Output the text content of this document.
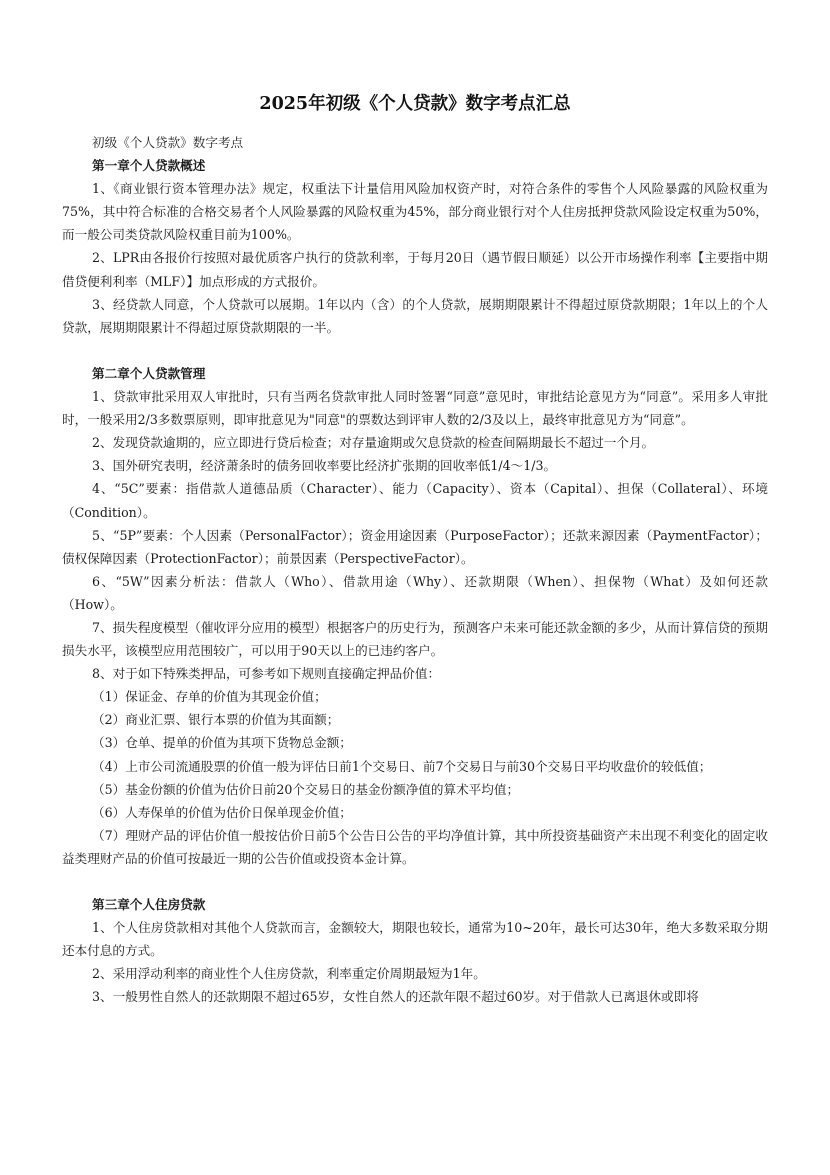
2025年初级《个人贷款》数字考点汇总

初级《个人贷款》数字考点

第一章个人贷款概述

1、《商业银行资本管理办法》规定，权重法下计量信用风险加权资产时，对符合条件的零售个人风险暴露的风险权重为75%，其中符合标准的合格交易者个人风险暴露的风险权重为45%，部分商业银行对个人住房抵押贷款风险设定权重为50%，而一般公司类贷款风险权重目前为100%。

2、LPR由各报价行按照对最优质客户执行的贷款利率，于每月20日（遇节假日顺延）以公开市场操作利率【主要指中期借贷便利利率（MLF）】加点形成的方式报价。

3、经贷款人同意，个人贷款可以展期。1年以内（含）的个人贷款，展期期限累计不得超过原贷款期限；1年以上的个人贷款，展期期限累计不得超过原贷款期限的一半。

第二章个人贷款管理

1、贷款审批采用双人审批时，只有当两名贷款审批人同时签署“同意”意见时，审批结论意见方为“同意”。采用多人审批时，一般采用2/3多数票原则，即审批意见为"同意"的票数达到评审人数的2/3及以上，最终审批意见方为“同意”。

2、发现贷款逾期的，应立即进行贷后检查；对存量逾期或欠息贷款的检查间隔期最长不超过一个月。

3、国外研究表明，经济萧条时的债务回收率要比经济扩张期的回收率低1/4～1/3。

4、“5C”要素：指借款人道德品质（Character）、能力（Capacity）、资本（Capital）、担保（Collateral）、环境（Condition）。

5、“5P”要素：个人因素（PersonalFactor）；资金用途因素（PurposeFactor）；还款来源因素（PaymentFactor）；债权保障因素（ProtectionFactor）；前景因素（PerspectiveFactor）。

6、“5W”因素分析法：借款人（Who）、借款用途（Why）、还款期限（When）、担保物（What）及如何还款（How）。

7、损失程度模型（催收评分应用的模型）根据客户的历史行为，预测客户未来可能还款金额的多少，从而计算信贷的预期损失水平，该模型应用范围较广，可以用于90天以上的已违约客户。

8、对于如下特殊类押品，可参考如下规则直接确定押品价值：

（1）保证金、存单的价值为其现金价值；

（2）商业汇票、银行本票的价值为其面额；

（3）仓单、提单的价值为其项下货物总金额；

（4）上市公司流通股票的价值一般为评估日前1个交易日、前7个交易日与前30个交易日平均收盘价的较低值；

（5）基金份额的价值为估价日前20个交易日的基金份额净值的算术平均值；

（6）人寿保单的价值为估价日保单现金价值；

（7）理财产品的评估价值一般按估价日前5个公告日公告的平均净值计算，其中所投资基础资产未出现不利变化的固定收益类理财产品的价值可按最近一期的公告价值或投资本金计算。

第三章个人住房贷款

1、个人住房贷款相对其他个人贷款而言，金额较大，期限也较长，通常为10~20年，最长可达30年，绝大多数采取分期还本付息的方式。

2、采用浮动利率的商业性个人住房贷款，利率重定价周期最短为1年。

3、一般男性自然人的还款期限不超过65岁，女性自然人的还款年限不超过60岁。对于借款人已离退休或即将
